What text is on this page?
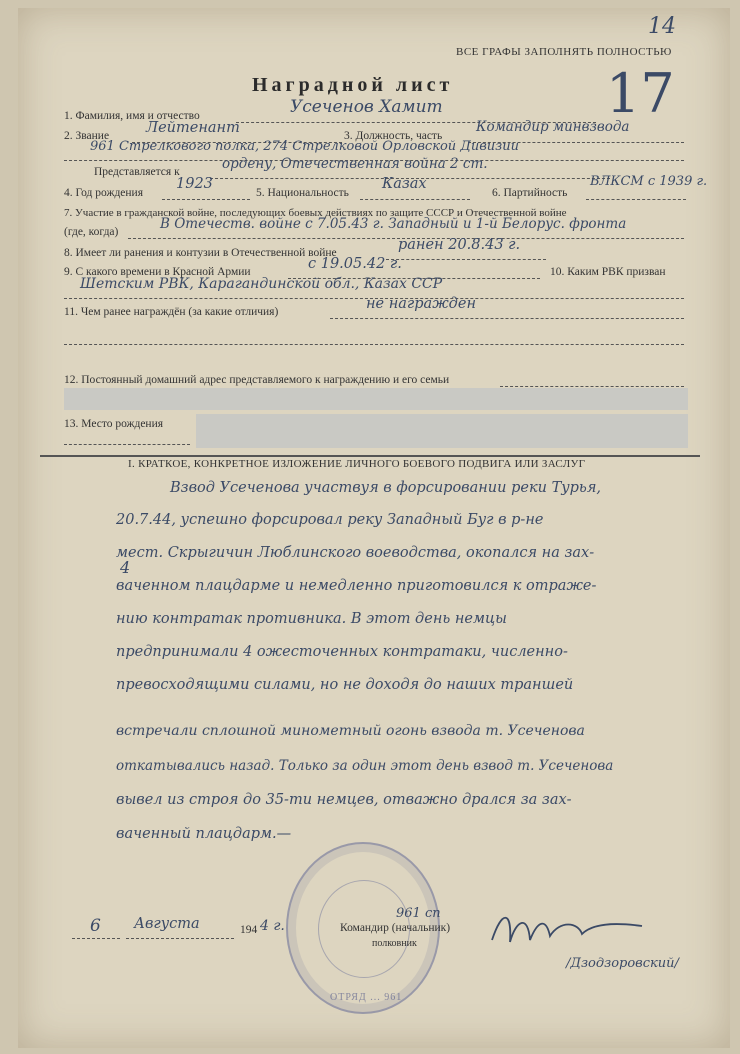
14
ВСЕ ГРАФЫ ЗАПОЛНЯТЬ ПОЛНОСТЬЮ
17
Наградной лист
1. Фамилия, имя и отчество	Усеченов Хамит
2. Звание	Лейтенант	3. Должность, часть
Командир минвзвода
961 Стрелкового полка, 274 Стрелковой Орловской Дивизии
Представляется к	ордену, Отечественная война 2 ст.
4. Год рождения
1923
5. Национальность
Казах
6. Партийность
ВЛКСМ с 1939 г.
7. Участие в гражданской войне, последующих боевых действиях по защите СССР и Отечественной войне
(где, когда)	В Отечеств. войне с 7.05.43 г. Западный и 1-й Белорус. фронта
8. Имеет ли ранения и контузии в Отечественной войне	ранен 20.8.43 г.
9. С какого времени в Красной Армии	с 19.05.42 г.	10. Каким РВК призван
Шетским РВК, Карагандинской обл., Казах ССР
11. Чем ранее награждён (за какие отличия)	не награжден
12. Постоянный домашний адрес представляемого к награждению и его семьи
13. Место рождения
I. КРАТКОЕ, КОНКРЕТНОЕ ИЗЛОЖЕНИЕ ЛИЧНОГО БОЕВОГО ПОДВИГА ИЛИ ЗАСЛУГ
4
Взвод Усеченова участвуя в форсировании реки Турья,
20.7.44, успешно форсировал реку Западный Буг в р-не
мест. Скрыгичин Люблинского воеводства, окопался на зах-
ваченном плацдарме и немедленно приготовился к отраже-
нию контратак противника. В этот день немцы
предпринимали 4 ожесточенных контратаки, численно-
превосходящими силами, но не доходя до наших траншей
встречали сплошной минометный огонь взвода т. Усеченова
откатывались назад. Только за один этот день взвод т. Усеченова
вывел из строя до 35-ти немцев, отважно дрался за зах-
ваченный плацдарм.—
ОТРЯД ... 961
6 Августа	194 4 г.
961 сп
Командир (начальник)
полковник
/Дзодзоровский/
